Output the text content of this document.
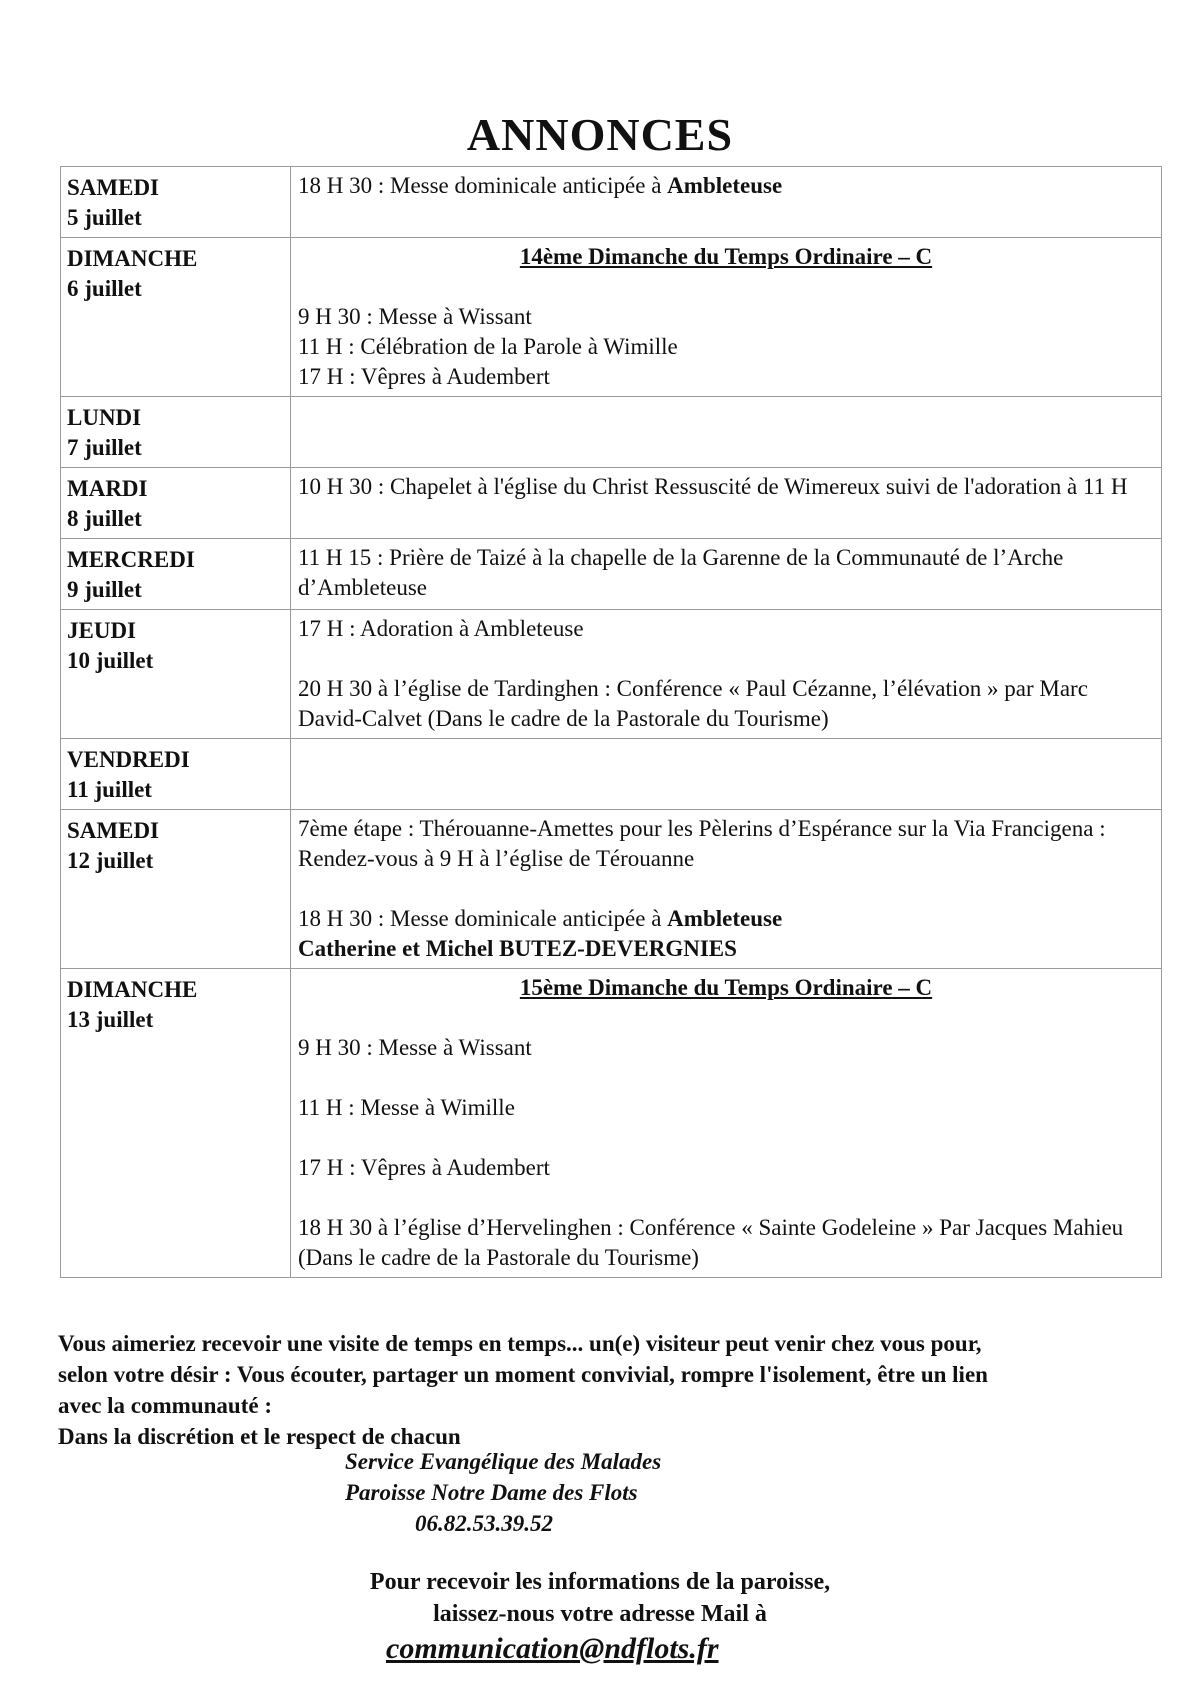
ANNONCES
SAMEDI
5 juillet	18 H 30 : Messe dominicale anticipée à Ambleteuse

DIMANCHE
6 juillet	14ème Dimanche du Temps Ordinaire – C
9 H 30 : Messe à Wissant
11 H : Célébration de la Parole à Wimille
17 H : Vêpres à Audembert

LUNDI
7 juillet	

MARDI
8 juillet	10 H 30 : Chapelet à l'église du Christ Ressuscité de Wimereux suivi de l'adoration à 11 H

MERCREDI
9 juillet	11 H 15 : Prière de Taizé à la chapelle de la Garenne de la Communauté de l’Arche d’Ambleteuse

JEUDI
10 juillet	17 H : Adoration à Ambleteuse
20 H 30 à l’église de Tardinghen : Conférence « Paul Cézanne, l’élévation » par Marc David-Calvet (Dans le cadre de la Pastorale du Tourisme)

VENDREDI
11 juillet	

SAMEDI
12 juillet	7ème étape : Thérouanne-Amettes pour les Pèlerins d’Espérance sur la Via Francigena : Rendez-vous à 9 H à l’église de Térouanne
18 H 30 : Messe dominicale anticipée à Ambleteuse
Catherine et Michel BUTEZ-DEVERGNIES

DIMANCHE
13 juillet	15ème Dimanche du Temps Ordinaire – C
9 H 30 : Messe à Wissant
11 H : Messe à Wimille
17 H : Vêpres à Audembert
18 H 30 à l’église d’Hervelinghen : Conférence « Sainte Godeleine » Par Jacques Mahieu (Dans le cadre de la Pastorale du Tourisme)
Vous aimeriez recevoir une visite de temps en temps... un(e) visiteur peut venir chez vous pour,
selon votre désir : Vous écouter, partager un moment convivial, rompre l'isolement, être un lien
avec la communauté :
Dans la discrétion et le respect de chacun
Service Evangélique des Malades
Paroisse Notre Dame des Flots
06.82.53.39.52
Pour recevoir les informations de la paroisse,
laissez-nous votre adresse Mail à
communication@ndflots.fr
